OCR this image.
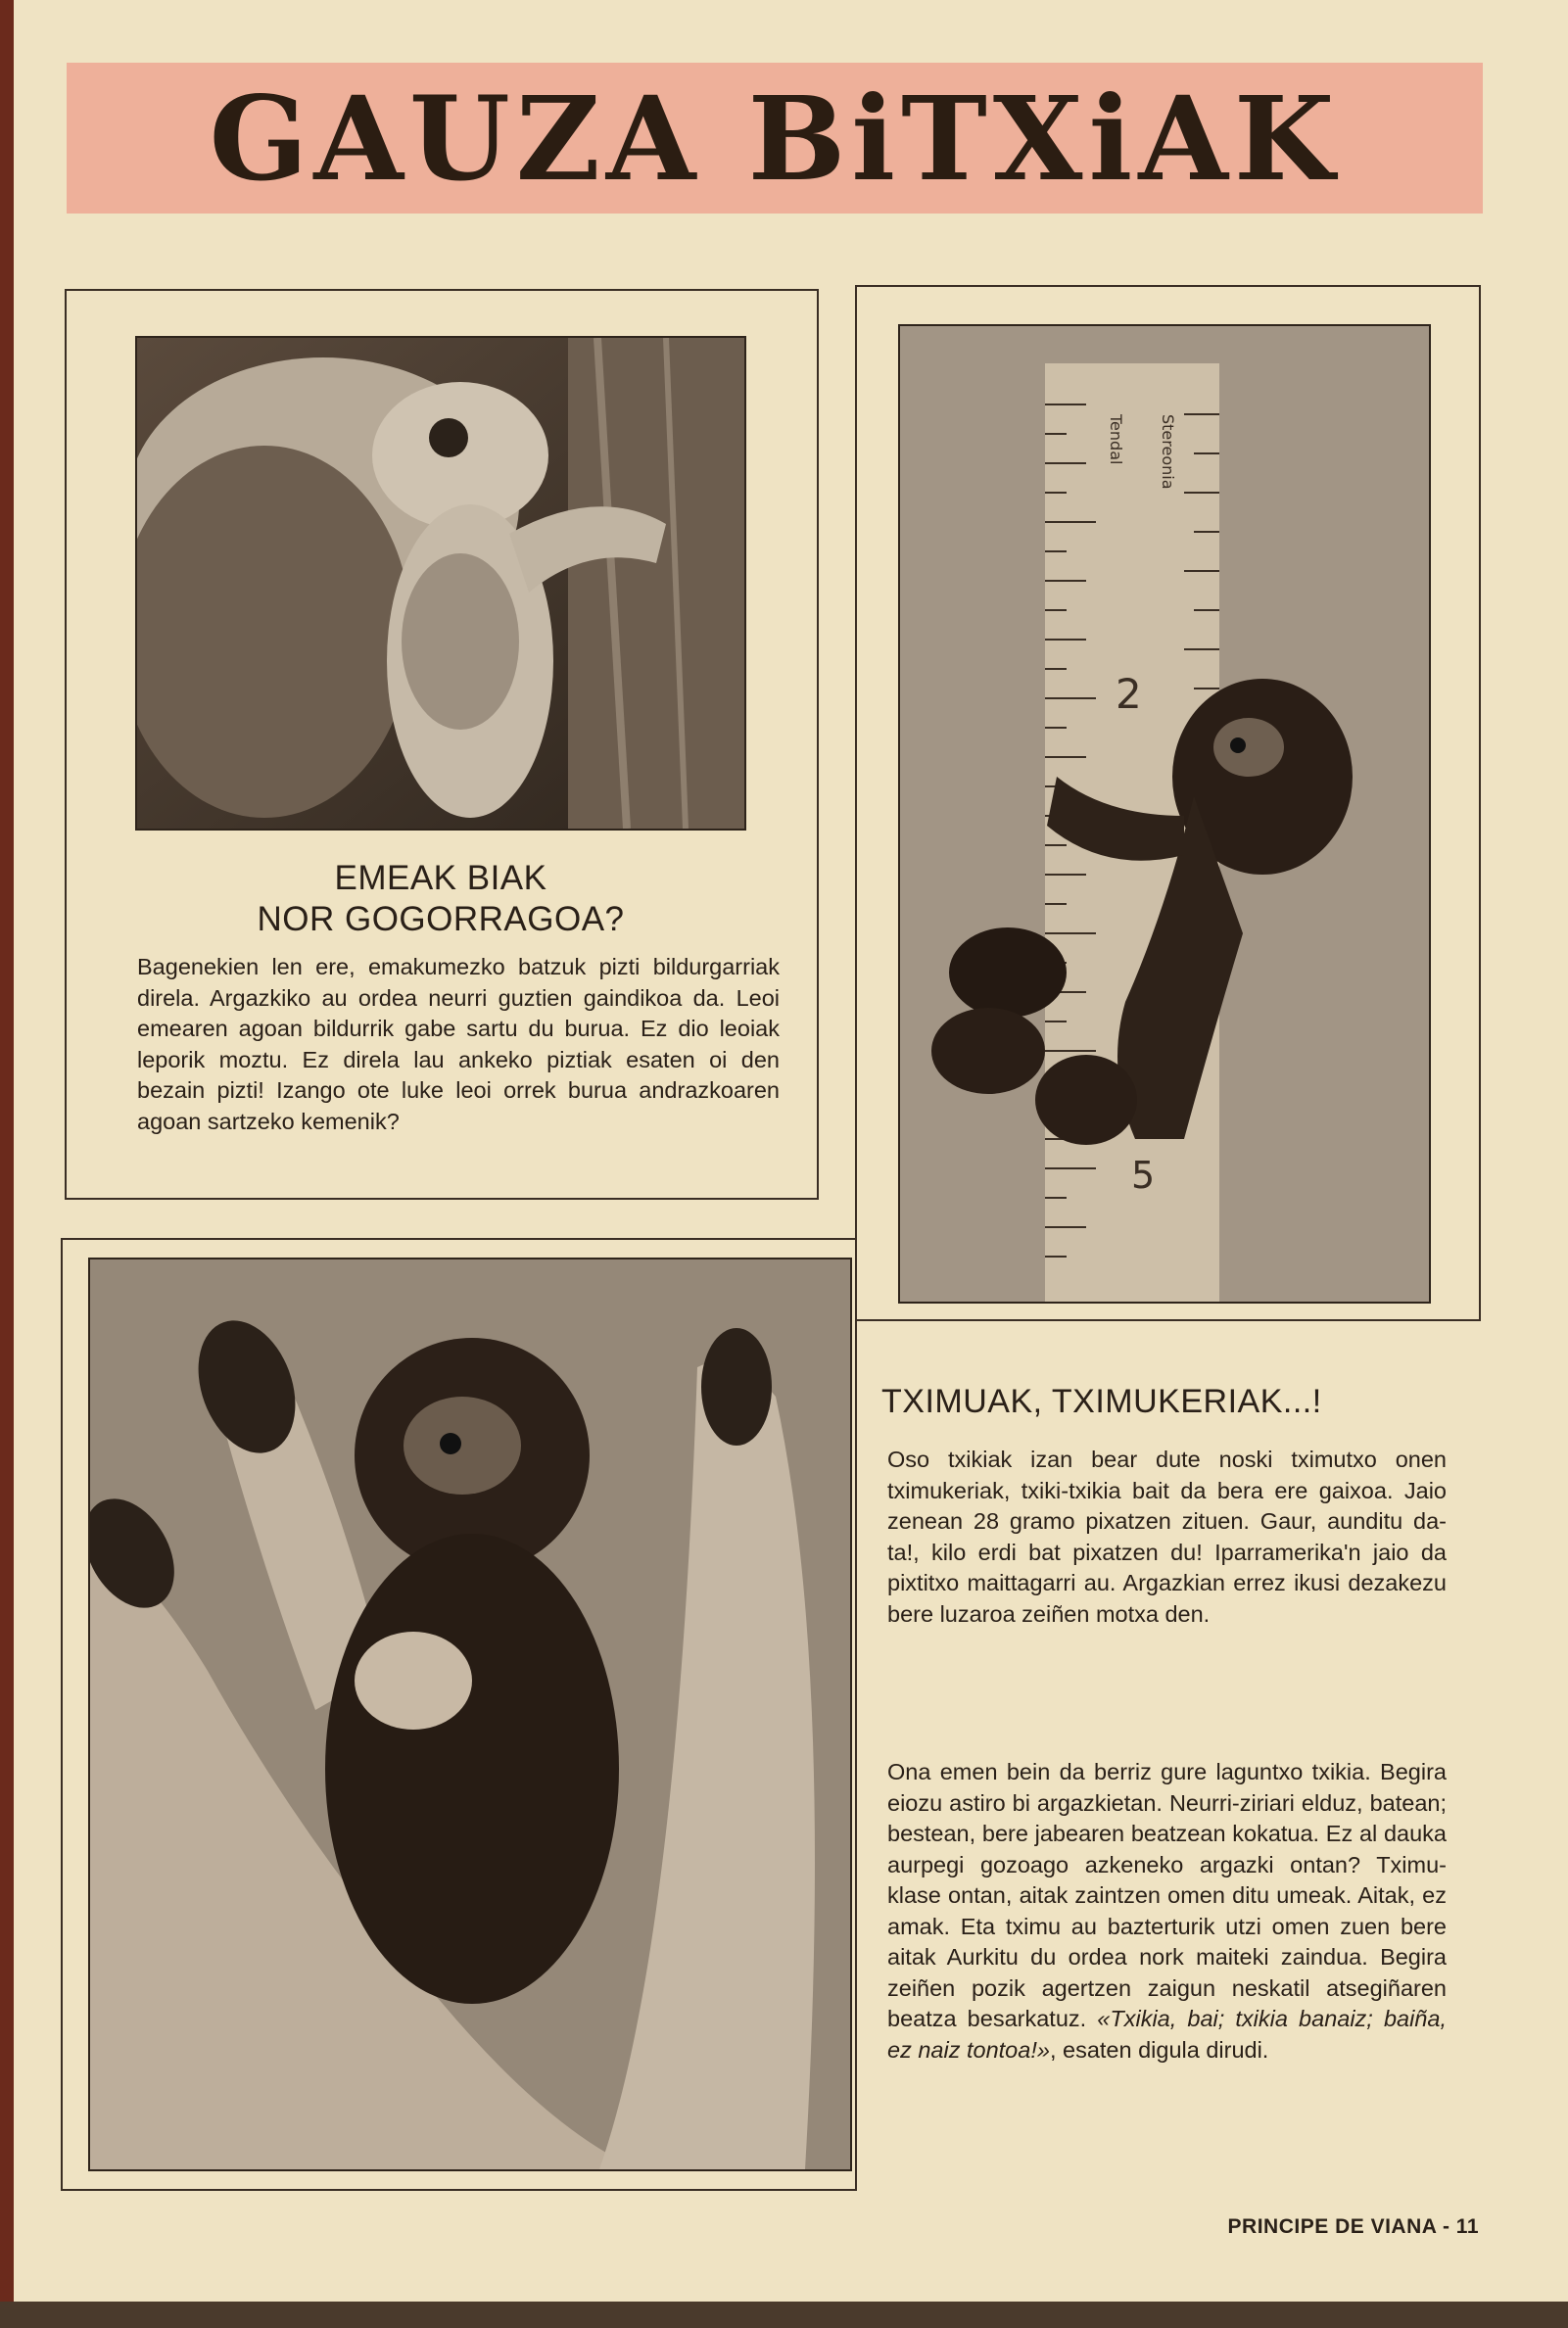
GAUZA BiTXiAK
EMEAK BIAK
NOR GOGORRAGOA?

Bagenekien len ere, emakumezko batzuk pizti bildurgarriak direla. Argazkiko au ordea neurri guztien gaindikoa da. Leoi emearen agoan bildurrik gabe sartu du burua. Ez dio leoiak leporik moztu. Ez direla lau ankeko piztiak esaten oi den bezain pizti! Izango ote luke leoi orrek burua andrazkoaren agoan sartzeko kemenik?

Tendal Stereonia
2
5
TXIMUAK, TXIMUKERIAK...!

Oso txikiak izan bear dute noski tximutxo onen tximukeriak, txiki-txikia bait da bera ere gaixoa. Jaio zenean 28 gramo pixatzen zituen. Gaur, aunditu da-ta!, kilo erdi bat pixatzen du! Iparramerika'n jaio da pixtitxo maittagarri au. Argazkian errez ikusi dezakezu bere luzaroa zeiñen motxa den.

Ona emen bein da berriz gure laguntxo txikia. Begira eiozu astiro bi argazkietan. Neurri-ziriari elduz, batean; bestean, bere jabearen beatzean kokatua. Ez al dauka aurpegi gozoago azkeneko argazki ontan? Tximu-klase ontan, aitak zaintzen omen ditu umeak. Aitak, ez amak. Eta tximu au bazterturik utzi omen zuen bere aitak Aurkitu du ordea nork maiteki zaindua. Begira zeiñen pozik agertzen zaigun neskatil atsegiñaren beatza besarkatuz. «Txikia, bai; txikia banaiz; baiña, ez naiz tontoa!», esaten digula dirudi.

PRINCIPE DE VIANA - 11
